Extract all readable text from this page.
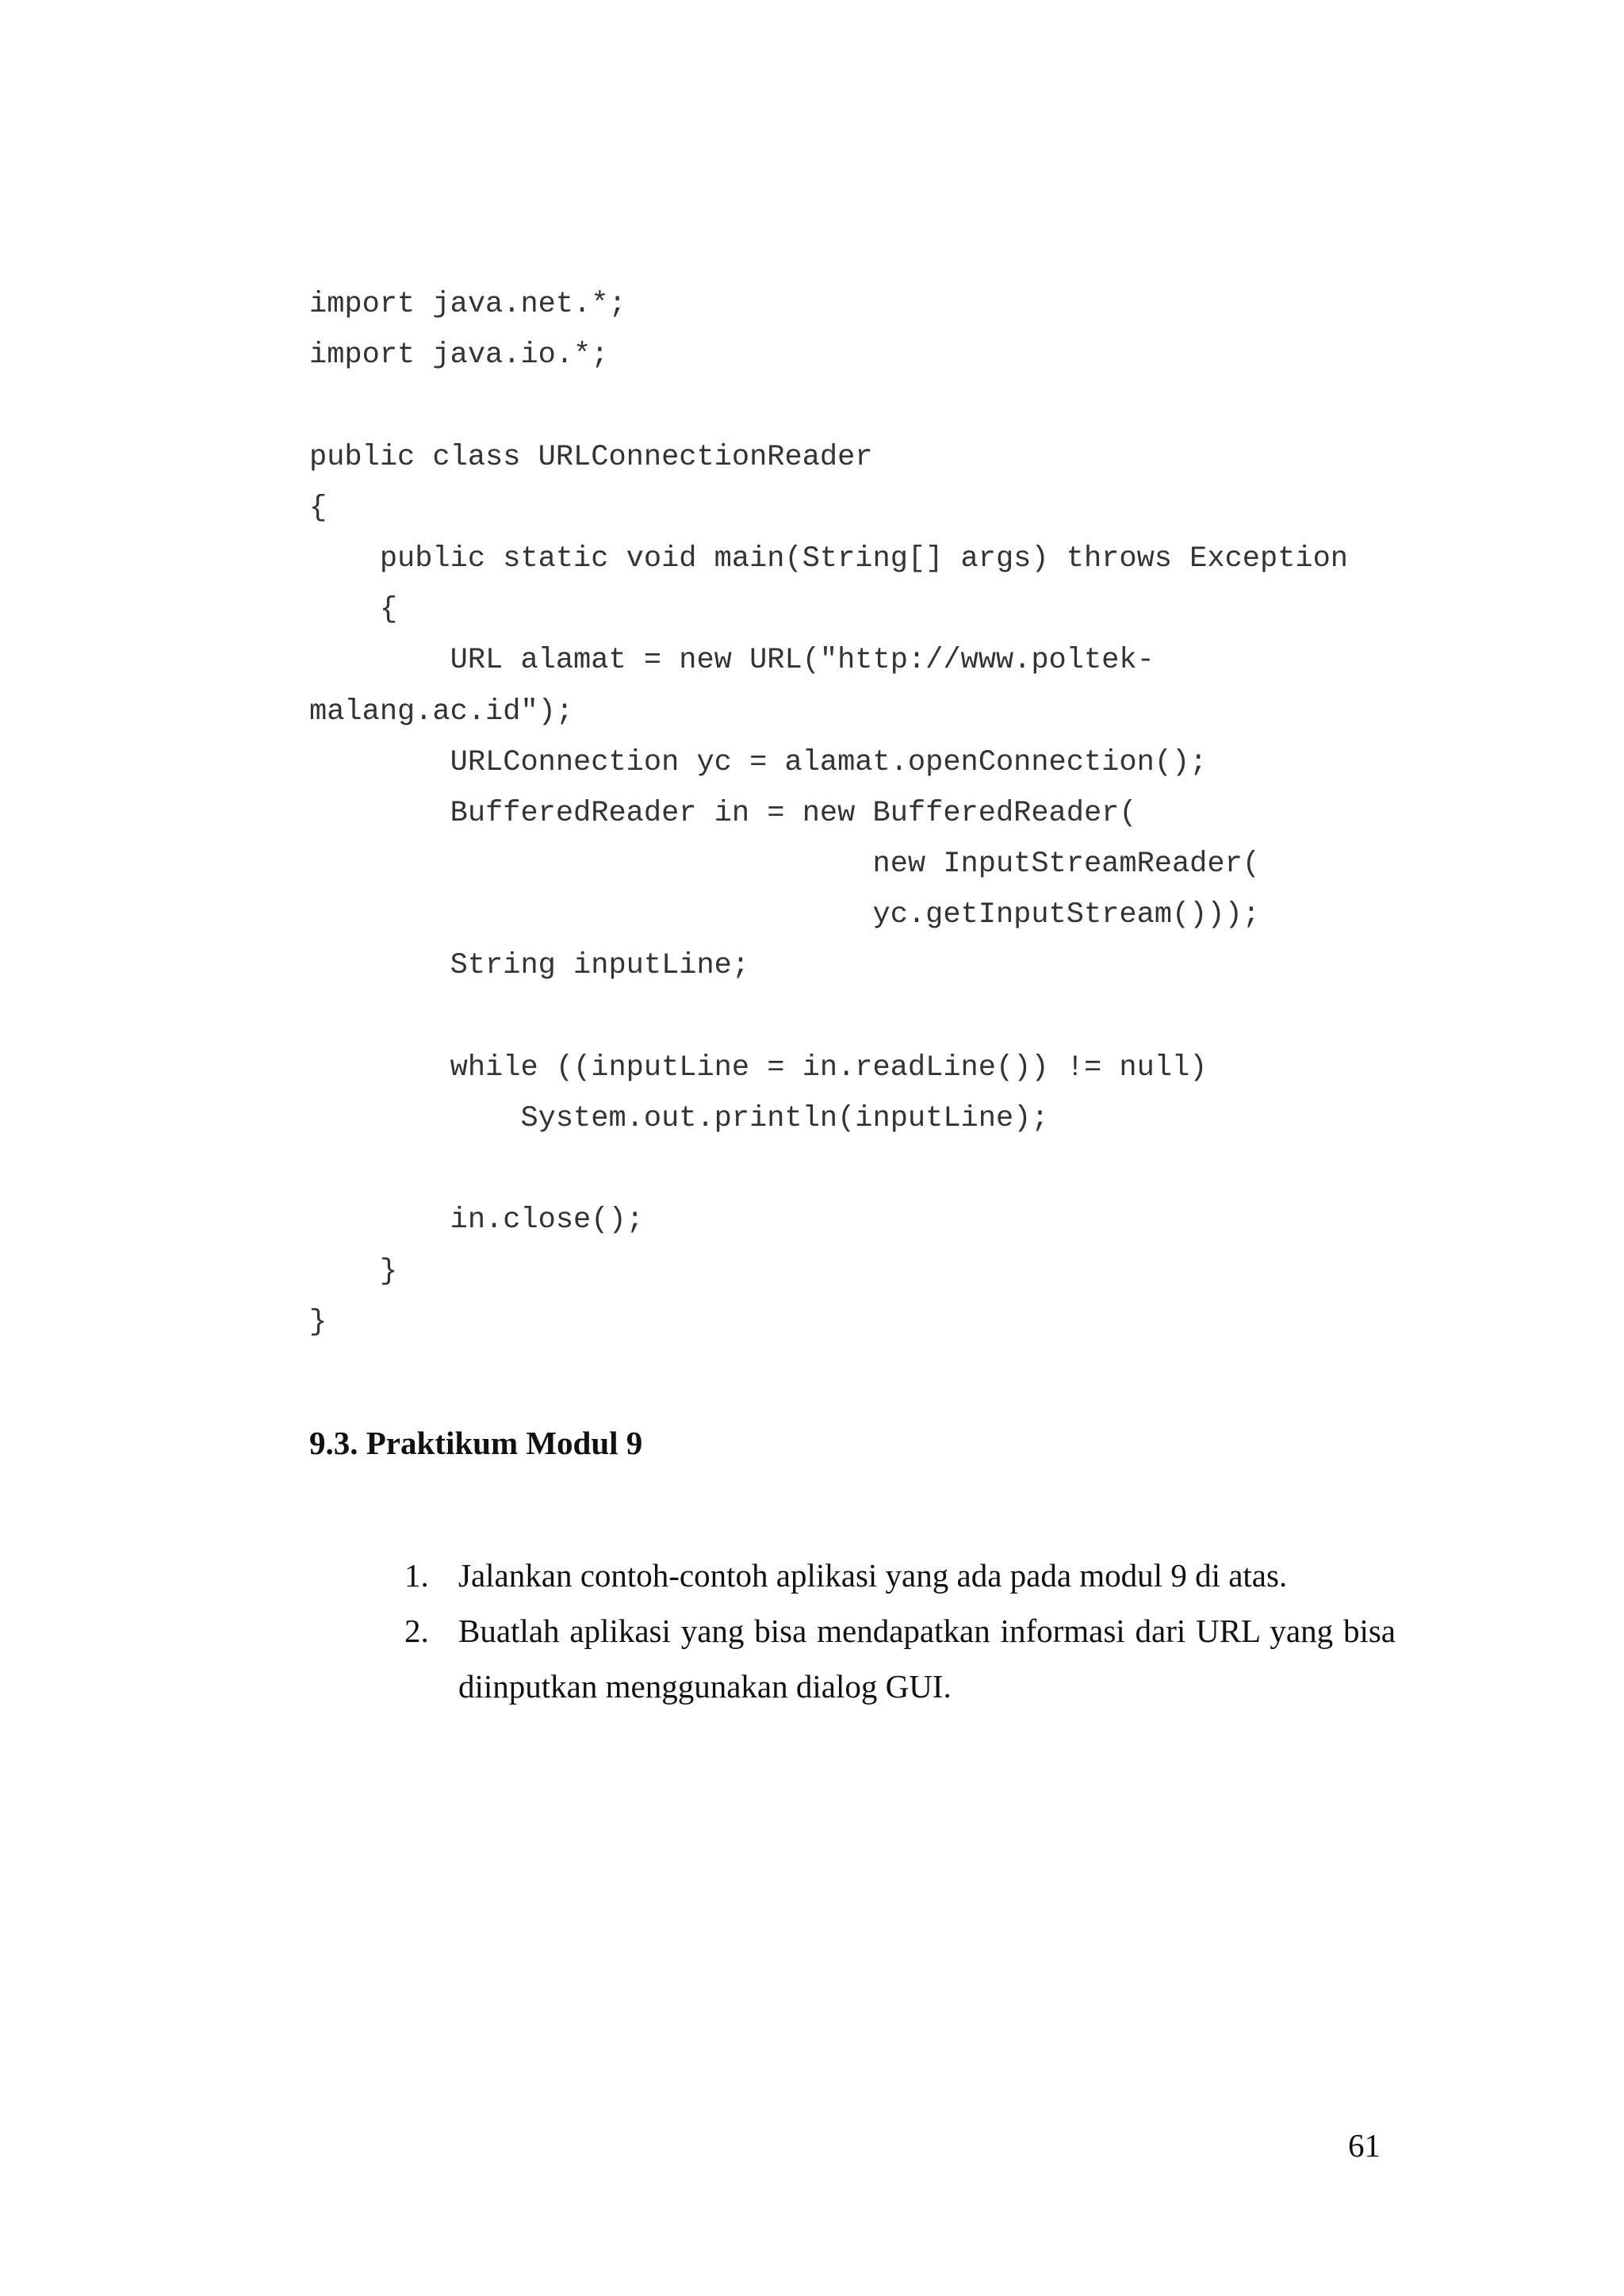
import java.net.*;
import java.io.*;
public class URLConnectionReader
{
public static void main(String[] args) throws Exception
{
URL alamat = new URL("http://www.poltek-
malang.ac.id");
URLConnection yc = alamat.openConnection();
BufferedReader in = new BufferedReader(
new InputStreamReader(
yc.getInputStream()));
String inputLine;
while ((inputLine = in.readLine()) != null)
System.out.println(inputLine);
in.close();
}
}
9.3. Praktikum Modul 9
1. Jalankan contoh-contoh aplikasi yang ada pada modul 9 di atas.
2. Buatlah aplikasi yang bisa mendapatkan informasi dari URL yang bisa diinputkan menggunakan dialog GUI.

61
